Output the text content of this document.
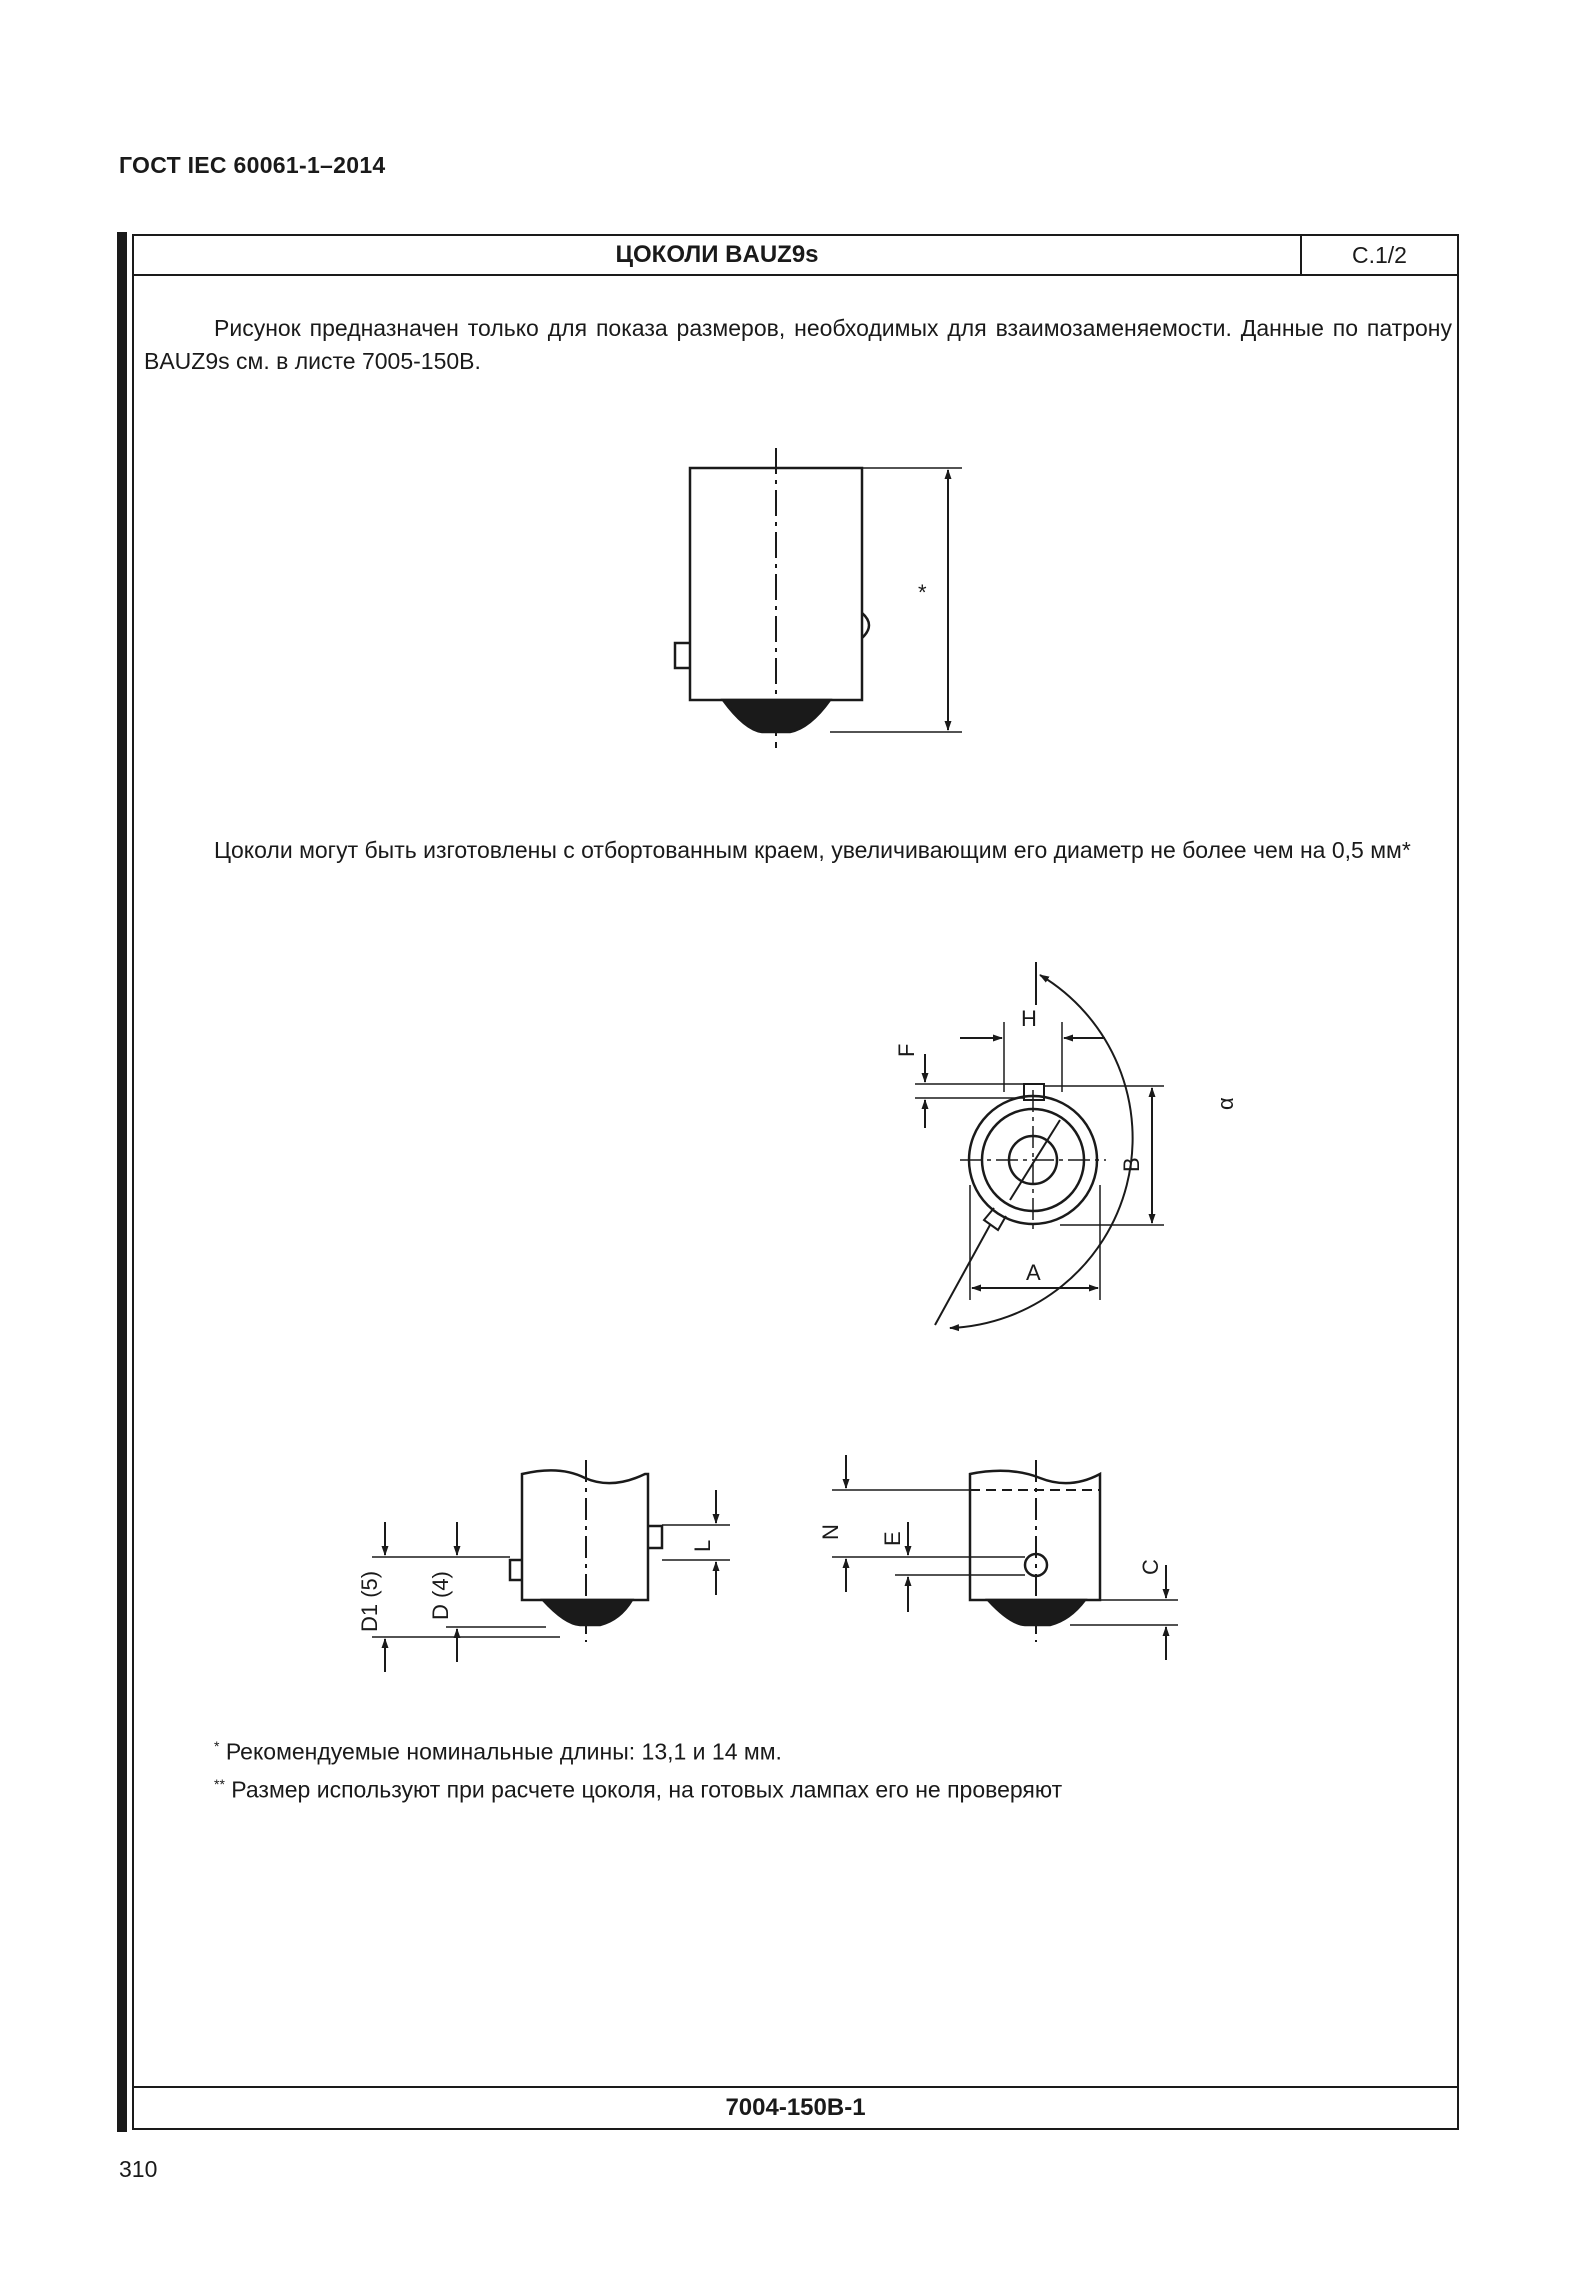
ГОСТ IEC 60061-1–2014
ЦОКОЛИ BAUZ9s	С.1/2
Рисунок предназначен только для показа размеров, необходимых для взаимозаменяемости. Данные по патрону BAUZ9s см. в листе 7005-150В.
Цоколи могут быть изготовлены с отбортованным краем, увеличивающим его диаметр не более чем на 0,5 мм*
* Рекомендуемые номинальные длины: 13,1 и 14 мм.
** Размер используют при расчете цоколя, на готовых лампах его не проверяют
7004-150B-1
310
*
H
F
B
A
α
D1 (5) D (4)
L
N E
C
